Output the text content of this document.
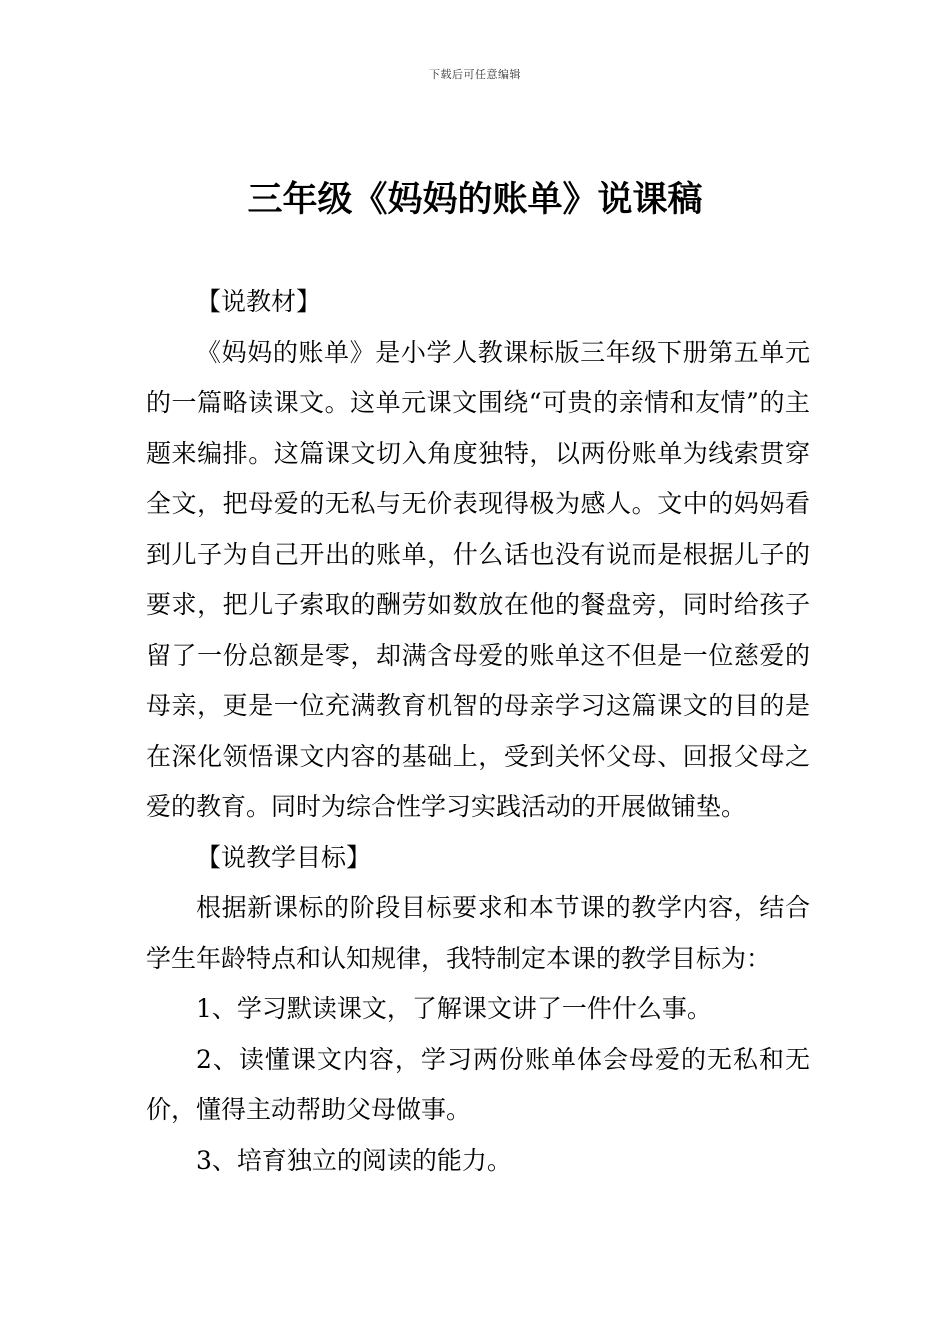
下载后可任意编辑
三年级《妈妈的账单》说课稿

【说教材】

《妈妈的账单》是小学人教课标版三年级下册第五单元的一篇略读课文。这单元课文围绕“可贵的亲情和友情”的主题来编排。这篇课文切入角度独特，以两份账单为线索贯穿全文，把母爱的无私与无价表现得极为感人。文中的妈妈看到儿子为自己开出的账单，什么话也没有说而是根据儿子的要求，把儿子索取的酬劳如数放在他的餐盘旁，同时给孩子留了一份总额是零，却满含母爱的账单这不但是一位慈爱的母亲，更是一位充满教育机智的母亲学习这篇课文的目的是在深化领悟课文内容的基础上，受到关怀父母、回报父母之爱的教育。同时为综合性学习实践活动的开展做铺垫。

【说教学目标】

根据新课标的阶段目标要求和本节课的教学内容，结合学生年龄特点和认知规律，我特制定本课的教学目标为：

1、学习默读课文，了解课文讲了一件什么事。

2、读懂课文内容，学习两份账单体会母爱的无私和无价，懂得主动帮助父母做事。

3、培育独立的阅读的能力。
